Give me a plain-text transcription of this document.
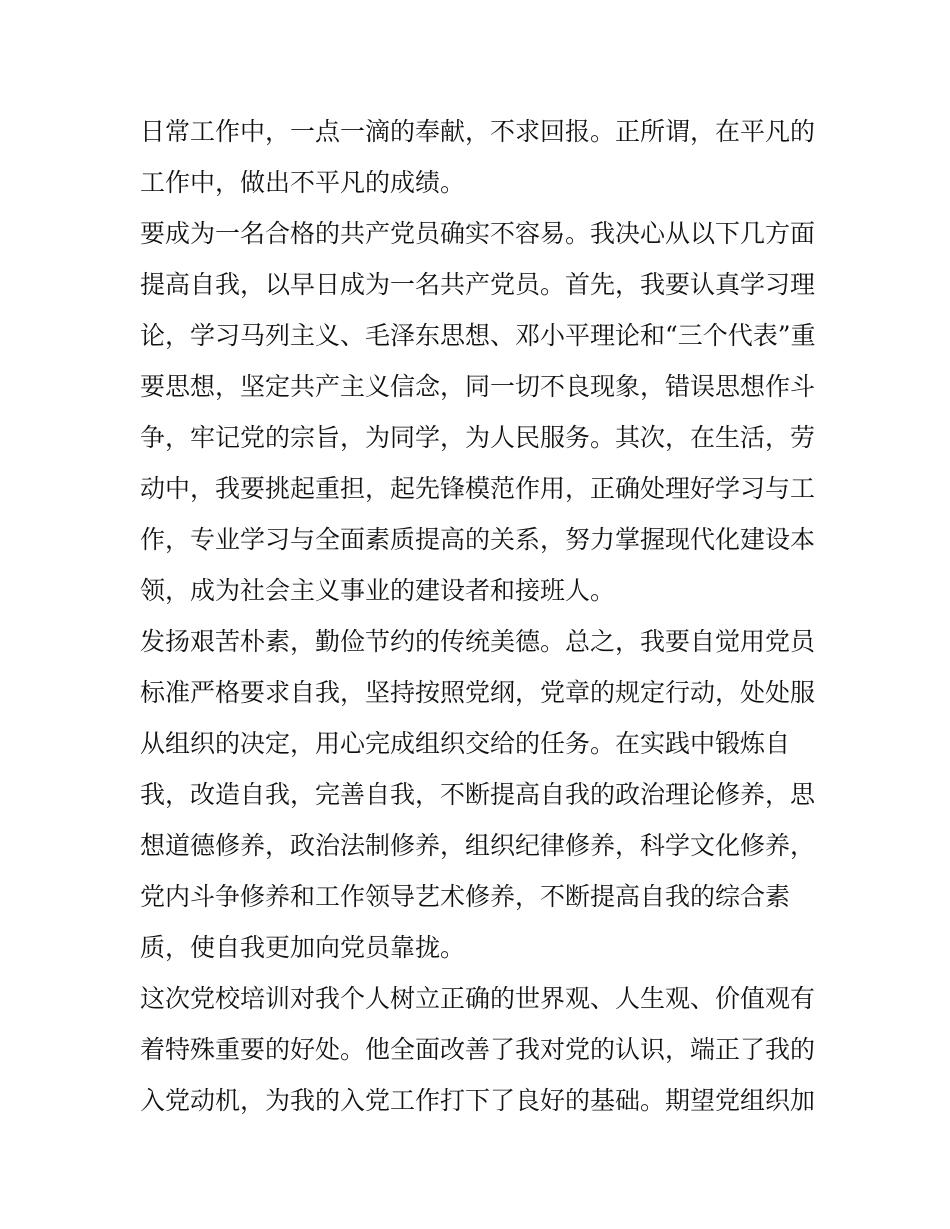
日常工作中，一点一滴的奉献，不求回报。正所谓，在平凡的
工作中，做出不平凡的成绩。
要成为一名合格的共产党员确实不容易。我决心从以下几方面
提高自我，以早日成为一名共产党员。首先，我要认真学习理
论，学习马列主义、毛泽东思想、邓小平理论和“三个代表”重
要思想，坚定共产主义信念，同一切不良现象，错误思想作斗
争，牢记党的宗旨，为同学，为人民服务。其次，在生活，劳
动中，我要挑起重担，起先锋模范作用，正确处理好学习与工
作，专业学习与全面素质提高的关系，努力掌握现代化建设本
领，成为社会主义事业的建设者和接班人。
发扬艰苦朴素，勤俭节约的传统美德。总之，我要自觉用党员
标准严格要求自我，坚持按照党纲，党章的规定行动，处处服
从组织的决定，用心完成组织交给的任务。在实践中锻炼自
我，改造自我，完善自我，不断提高自我的政治理论修养，思
想道德修养，政治法制修养，组织纪律修养，科学文化修养，
党内斗争修养和工作领导艺术修养，不断提高自我的综合素
质，使自我更加向党员靠拢。
这次党校培训对我个人树立正确的世界观、人生观、价值观有
着特殊重要的好处。他全面改善了我对党的认识，端正了我的
入党动机，为我的入党工作打下了良好的基础。期望党组织加
